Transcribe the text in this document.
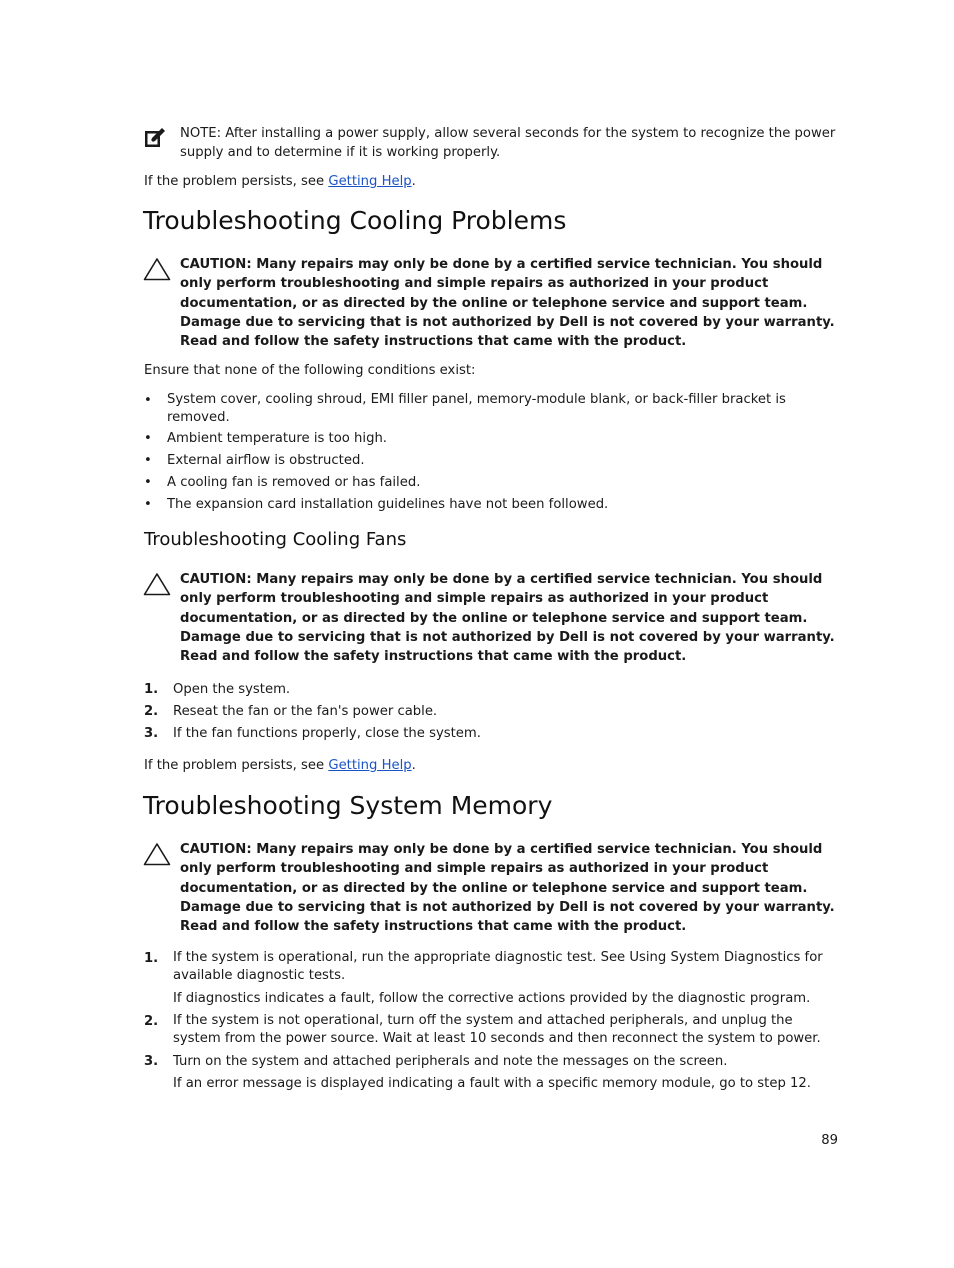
NOTE: After installing a power supply, allow several seconds for the system to recognize the power supply and to determine if it is working properly.
If the problem persists, see Getting Help.
Troubleshooting Cooling Problems
CAUTION: Many repairs may only be done by a certified service technician. You should only perform troubleshooting and simple repairs as authorized in your product documentation, or as directed by the online or telephone service and support team. Damage due to servicing that is not authorized by Dell is not covered by your warranty. Read and follow the safety instructions that came with the product.
Ensure that none of the following conditions exist:
•	System cover, cooling shroud, EMI filler panel, memory-module blank, or back-filler bracket is removed.
•	Ambient temperature is too high.
•	External airflow is obstructed.
•	A cooling fan is removed or has failed.
•	The expansion card installation guidelines have not been followed.
Troubleshooting Cooling Fans
CAUTION: Many repairs may only be done by a certified service technician. You should only perform troubleshooting and simple repairs as authorized in your product documentation, or as directed by the online or telephone service and support team. Damage due to servicing that is not authorized by Dell is not covered by your warranty. Read and follow the safety instructions that came with the product.
1. Open the system.
2. Reseat the fan or the fan's power cable.
3. If the fan functions properly, close the system.
If the problem persists, see Getting Help.
Troubleshooting System Memory
CAUTION: Many repairs may only be done by a certified service technician. You should only perform troubleshooting and simple repairs as authorized in your product documentation, or as directed by the online or telephone service and support team. Damage due to servicing that is not authorized by Dell is not covered by your warranty. Read and follow the safety instructions that came with the product.
1. If the system is operational, run the appropriate diagnostic test. See Using System Diagnostics for available diagnostic tests.
If diagnostics indicates a fault, follow the corrective actions provided by the diagnostic program.
2. If the system is not operational, turn off the system and attached peripherals, and unplug the system from the power source. Wait at least 10 seconds and then reconnect the system to power.
3. Turn on the system and attached peripherals and note the messages on the screen.
If an error message is displayed indicating a fault with a specific memory module, go to step 12.
89
